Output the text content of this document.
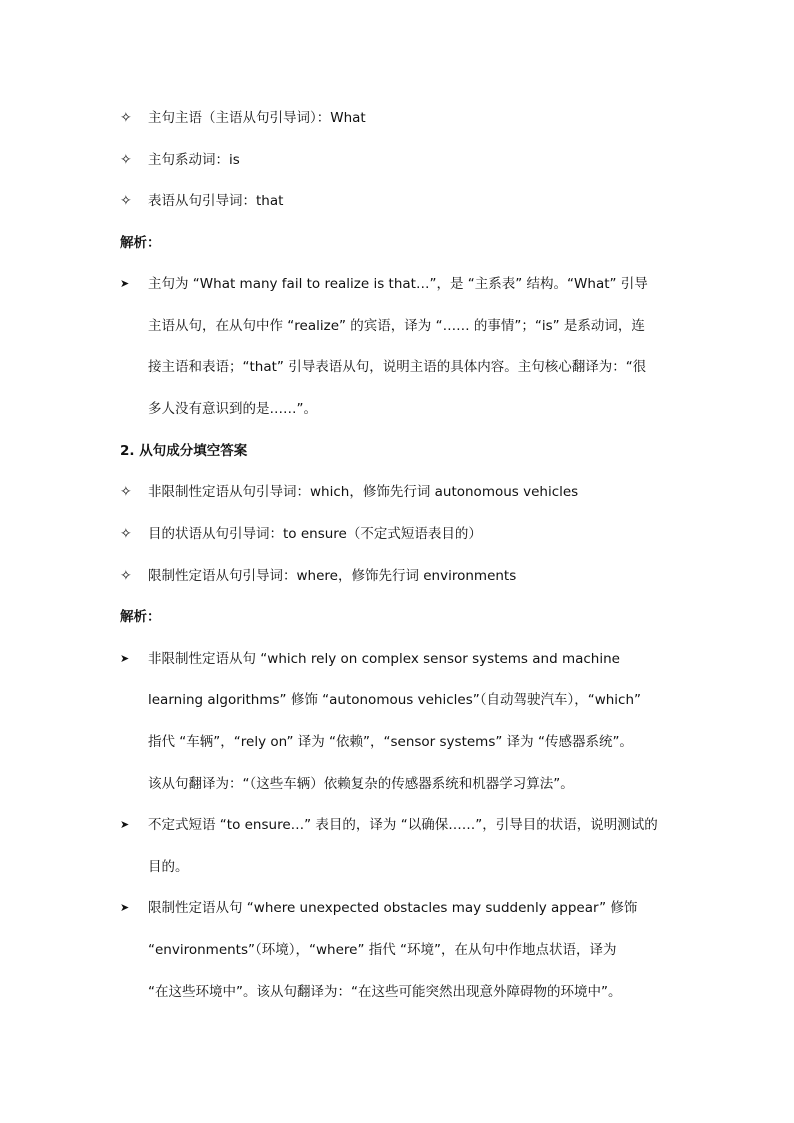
✧	主句主语（主语从句引导词）：What
✧	主句系动词：is
✧	表语从句引导词：that
解析：
➤	主句为 “What many fail to realize is that…”，是 “主系表” 结构。“What” 引导
主语从句，在从句中作 “realize” 的宾语，译为 “…… 的事情”；“is” 是系动词，连
接主语和表语；“that” 引导表语从句，说明主语的具体内容。主句核心翻译为：“很
多人没有意识到的是……”。
2. 从句成分填空答案
✧	非限制性定语从句引导词：which，修饰先行词 autonomous vehicles
✧	目的状语从句引导词：to ensure（不定式短语表目的）
✧	限制性定语从句引导词：where，修饰先行词 environments
解析：
➤	非限制性定语从句 “which rely on complex sensor systems and machine
learning algorithms” 修饰 “autonomous vehicles”（自动驾驶汽车），“which”
指代 “车辆”，“rely on” 译为 “依赖”，“sensor systems” 译为 “传感器系统”。
该从句翻译为：“（这些车辆）依赖复杂的传感器系统和机器学习算法”。
➤	不定式短语 “to ensure…” 表目的，译为 “以确保……”，引导目的状语，说明测试的
目的。
➤	限制性定语从句 “where unexpected obstacles may suddenly appear” 修饰
“environments”（环境），“where” 指代 “环境”，在从句中作地点状语，译为
“在这些环境中”。该从句翻译为：“在这些可能突然出现意外障碍物的环境中”。
